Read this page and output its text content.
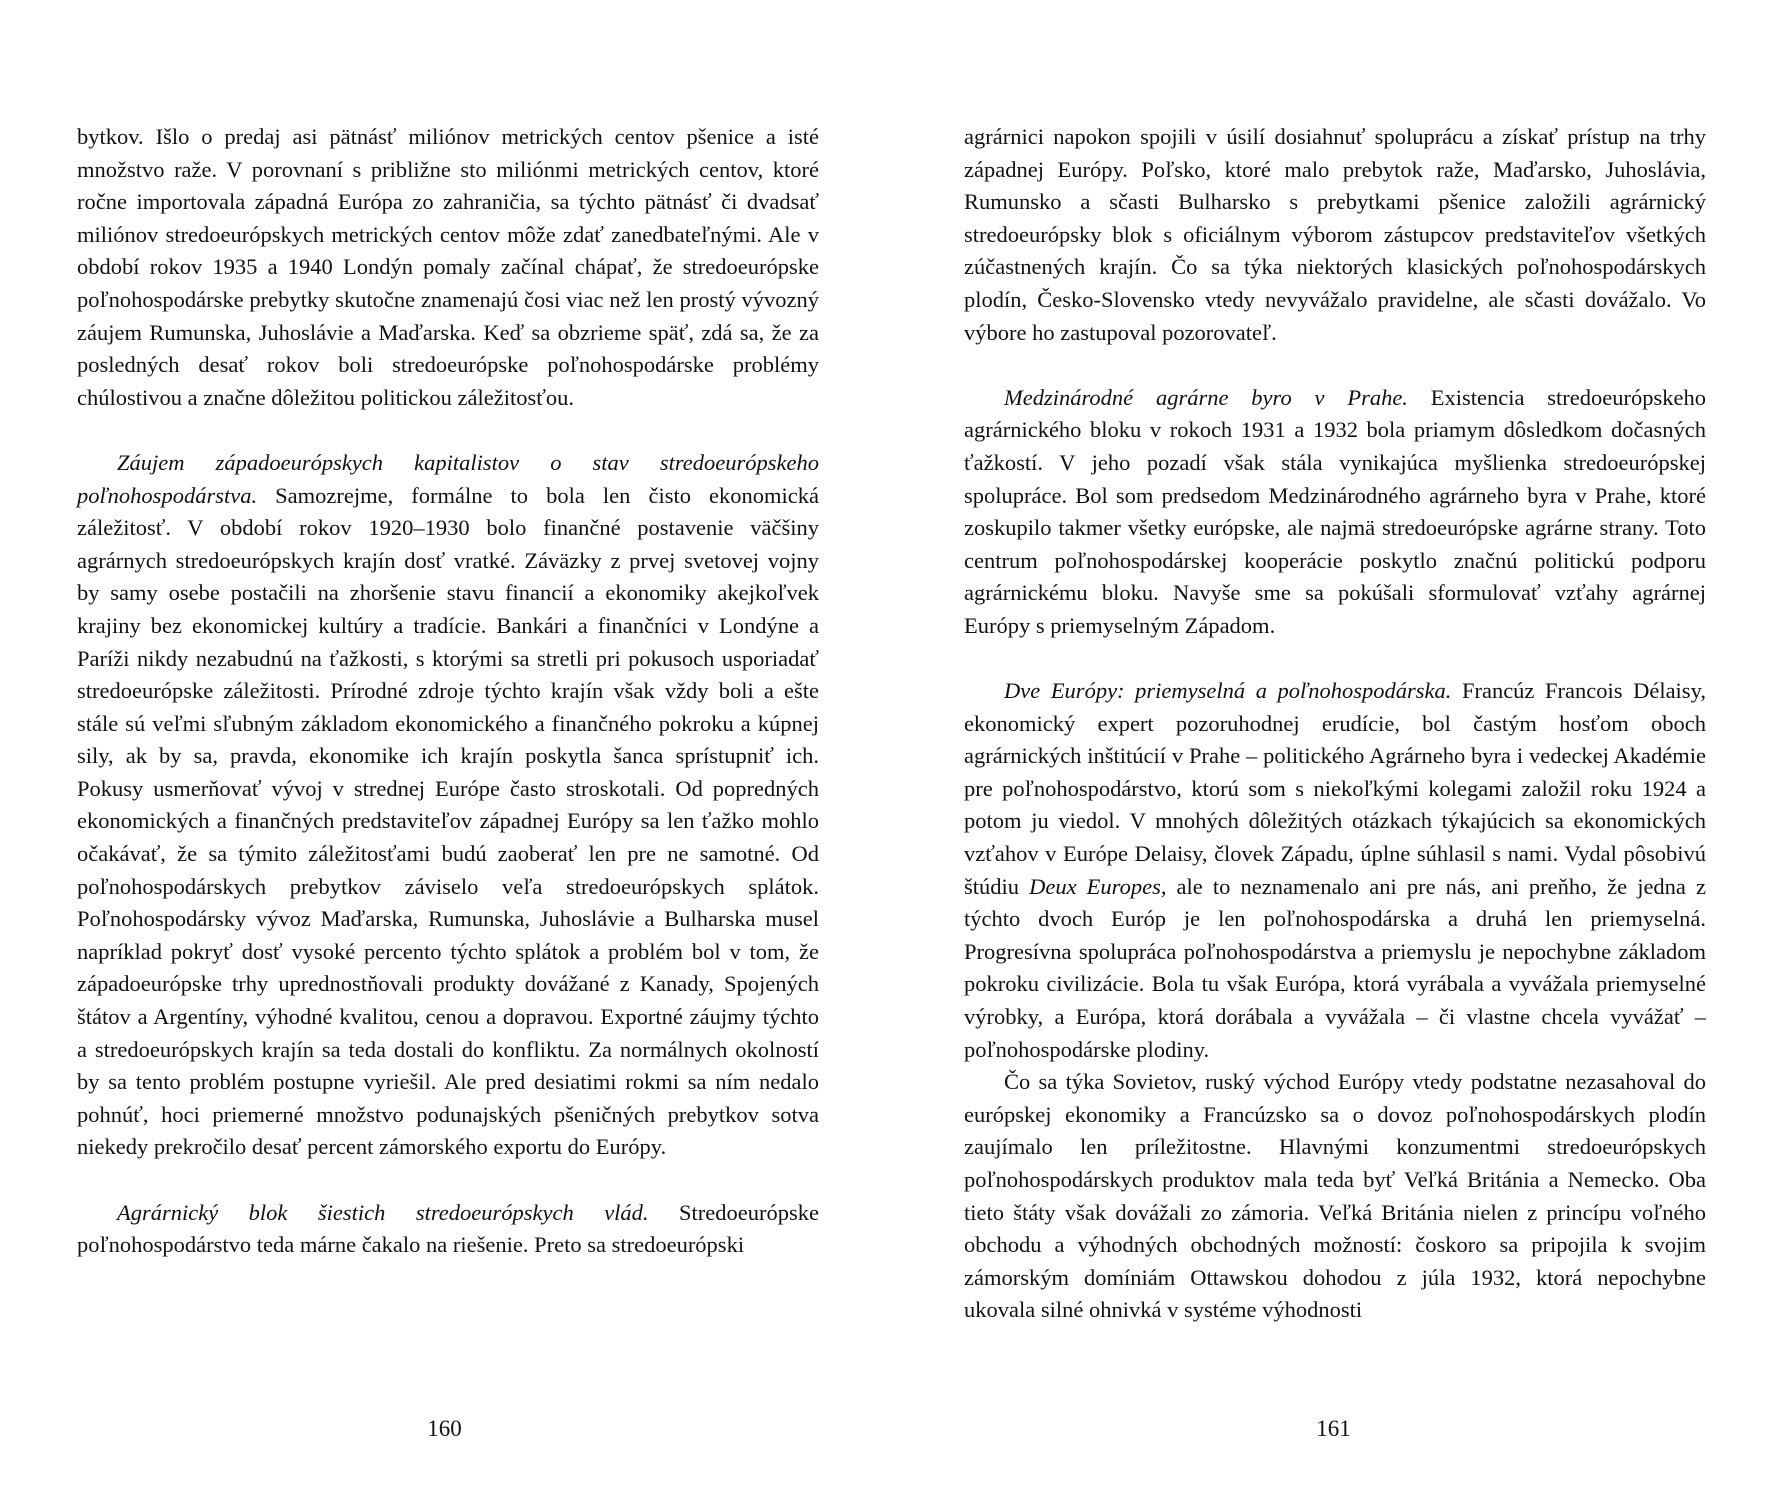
bytkov. Išlo o predaj asi pätnásť miliónov metrických centov pšenice a isté množstvo raže. V porovnaní s približne sto miliónmi metrických centov, ktoré ročne importovala západná Európa zo zahraničia, sa týchto pätnásť či dvadsať miliónov stredoeurópskych metrických centov môže zdať zanedbateľnými. Ale v období rokov 1935 a 1940 Londýn pomaly začínal chápať, že stredoeurópske poľnohospodárske prebytky skutočne znamenajú čosi viac než len prostý vývozný záujem Rumunska, Juhoslávie a Maďarska. Keď sa obzrieme späť, zdá sa, že za posledných desať rokov boli stredoeurópske poľnohospodárske problémy chúlostivou a značne dôležitou politickou záležitosťou.

Záujem západoeurópskych kapitalistov o stav stredoeurópskeho poľnohospodárstva. Samozrejme, formálne to bola len čisto ekonomická záležitosť. V období rokov 1920–1930 bolo finančné postavenie väčšiny agrárnych stredoeurópskych krajín dosť vratké. Záväzky z prvej svetovej vojny by samy osebe postačili na zhoršenie stavu financií a ekonomiky akejkoľvek krajiny bez ekonomickej kultúry a tradície. Bankári a finančníci v Londýne a Paríži nikdy nezabudnú na ťažkosti, s ktorými sa stretli pri pokusoch usporiadať stredoeurópske záležitosti. Prírodné zdroje týchto krajín však vždy boli a ešte stále sú veľmi sľubným základom ekonomického a finančného pokroku a kúpnej sily, ak by sa, pravda, ekonomike ich krajín poskytla šanca sprístupniť ich. Pokusy usmerňovať vývoj v strednej Európe často stroskotali. Od popredných ekonomických a finančných predstaviteľov západnej Európy sa len ťažko mohlo očakávať, že sa týmito záležitosťami budú zaoberať len pre ne samotné. Od poľnohospodárskych prebytkov záviselo veľa stredoeurópskych splátok. Poľnohospodársky vývoz Maďarska, Rumunska, Juhoslávie a Bulharska musel napríklad pokryť dosť vysoké percento týchto splátok a problém bol v tom, že západoeurópske trhy uprednostňovali produkty dovážané z Kanady, Spojených štátov a Argentíny, výhodné kvalitou, cenou a dopravou. Exportné záujmy týchto a stredoeurópskych krajín sa teda dostali do konfliktu. Za normálnych okolností by sa tento problém postupne vyriešil. Ale pred desiatimi rokmi sa ním nedalo pohnúť, hoci priemerné množstvo podunajských pšeničných prebytkov sotva niekedy prekročilo desať percent zámorského exportu do Európy.

Agrárnický blok šiestich stredoeurópskych vlád. Stredoeurópske poľnohospodárstvo teda márne čakalo na riešenie. Preto sa stredoeurópski

160

agrárnici napokon spojili v úsilí dosiahnuť spoluprácu a získať prístup na trhy západnej Európy. Poľsko, ktoré malo prebytok raže, Maďarsko, Juhoslávia, Rumunsko a sčasti Bulharsko s prebytkami pšenice založili agrárnický stredoeurópsky blok s oficiálnym výborom zástupcov predstaviteľov všetkých zúčastnených krajín. Čo sa týka niektorých klasických poľnohospodárskych plodín, Česko-Slovensko vtedy nevyvážalo pravidelne, ale sčasti dovážalo. Vo výbore ho zastupoval pozorovateľ.

Medzinárodné agrárne byro v Prahe. Existencia stredoeurópskeho agrárnického bloku v rokoch 1931 a 1932 bola priamym dôsledkom dočasných ťažkostí. V jeho pozadí však stála vynikajúca myšlienka stredoeurópskej spolupráce. Bol som predsedom Medzinárodného agrárneho byra v Prahe, ktoré zoskupilo takmer všetky európske, ale najmä stredoeurópske agrárne strany. Toto centrum poľnohospodárskej kooperácie poskytlo značnú politickú podporu agrárnickému bloku. Navyše sme sa pokúšali sformulovať vzťahy agrárnej Európy s priemyselným Západom.

Dve Európy: priemyselná a poľnohospodárska. Francúz Francois Délaisy, ekonomický expert pozoruhodnej erudície, bol častým hosťom oboch agrárnických inštitúcií v Prahe – politického Agrárneho byra i vedeckej Akadémie pre poľnohospodárstvo, ktorú som s niekoľkými kolegami založil roku 1924 a potom ju viedol. V mnohých dôležitých otázkach týkajúcich sa ekonomických vzťahov v Európe Delaisy, človek Západu, úplne súhlasil s nami. Vydal pôsobivú štúdiu Deux Europes, ale to neznamenalo ani pre nás, ani preňho, že jedna z týchto dvoch Európ je len poľnohospodárska a druhá len priemyselná. Progresívna spolupráca poľnohospodárstva a priemyslu je nepochybne základom pokroku civilizácie. Bola tu však Európa, ktorá vyrábala a vyvážala priemyselné výrobky, a Európa, ktorá dorábala a vyvážala – či vlastne chcela vyvážať – poľnohospodárske plodiny.

Čo sa týka Sovietov, ruský východ Európy vtedy podstatne nezasahoval do európskej ekonomiky a Francúzsko sa o dovoz poľnohospodárskych plodín zaujímalo len príležitostne. Hlavnými konzumentmi stredoeurópskych poľnohospodárskych produktov mala teda byť Veľká Británia a Nemecko. Oba tieto štáty však dovážali zo zámoria. Veľká Británia nielen z princípu voľného obchodu a výhodných obchodných možností: čoskoro sa pripojila k svojim zámorským domíniám Ottawskou dohodou z júla 1932, ktorá nepochybne ukovala silné ohnivká v systéme výhodnosti

161
